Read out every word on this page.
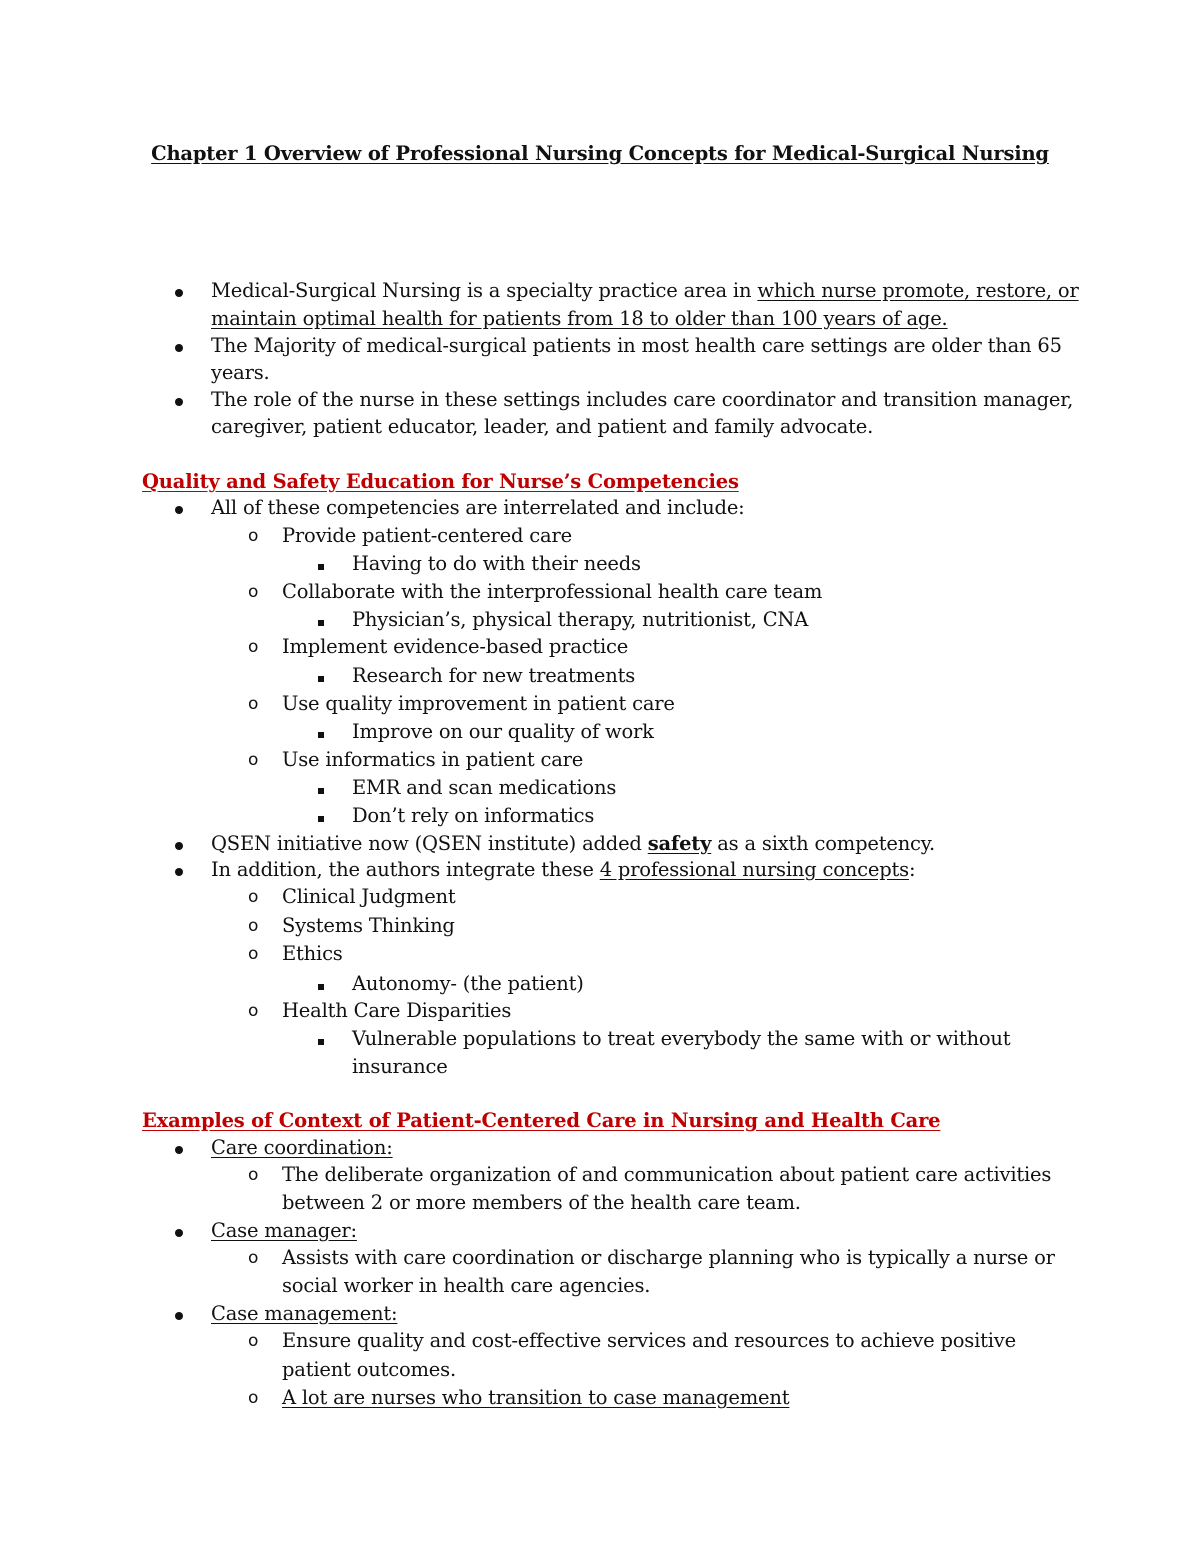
Chapter 1 Overview of Professional Nursing Concepts for Medical-Surgical Nursing
Medical-Surgical Nursing is a specialty practice area in which nurse promote, restore, or
maintain optimal health for patients from 18 to older than 100 years of age.
The Majority of medical-surgical patients in most health care settings are older than 65
years.
The role of the nurse in these settings includes care coordinator and transition manager,
caregiver, patient educator, leader, and patient and family advocate.
Quality and Safety Education for Nurse’s Competencies
All of these competencies are interrelated and include:
o Provide patient-centered care
Having to do with their needs
o Collaborate with the interprofessional health care team
Physician’s, physical therapy, nutritionist, CNA
o Implement evidence-based practice
Research for new treatments
o Use quality improvement in patient care
Improve on our quality of work
o Use informatics in patient care
EMR and scan medications
Don’t rely on informatics
QSEN initiative now (QSEN institute) added safety as a sixth competency.
In addition, the authors integrate these 4 professional nursing concepts:
o Clinical Judgment
o Systems Thinking
o Ethics
Autonomy- (the patient)
o Health Care Disparities
Vulnerable populations to treat everybody the same with or without
insurance
Examples of Context of Patient-Centered Care in Nursing and Health Care
Care coordination:
o The deliberate organization of and communication about patient care activities
between 2 or more members of the health care team.
Case manager:
o Assists with care coordination or discharge planning who is typically a nurse or
social worker in health care agencies.
Case management:
o Ensure quality and cost-effective services and resources to achieve positive
patient outcomes.
o A lot are nurses who transition to case management
